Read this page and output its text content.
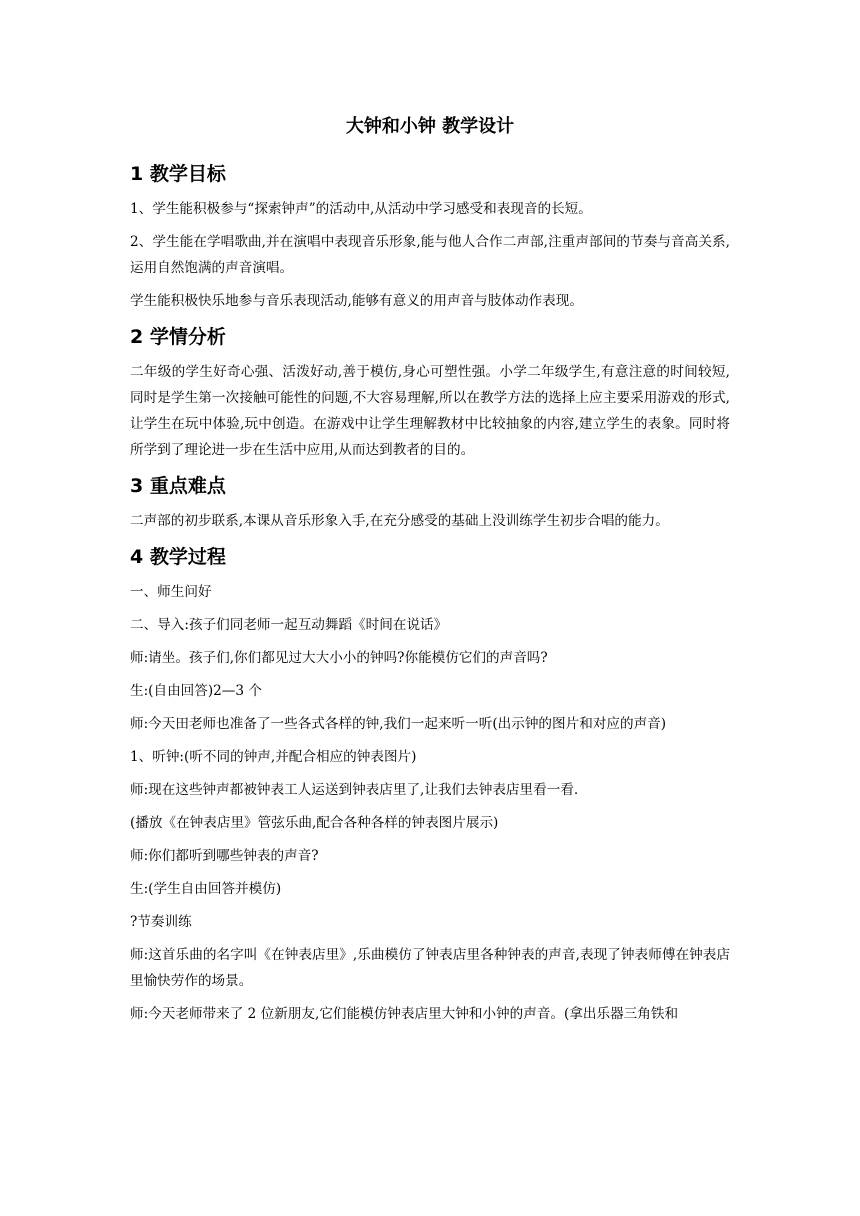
大钟和小钟 教学设计
1 教学目标

1、学生能积极参与“探索钟声”的活动中,从活动中学习感受和表现音的长短。

2、学生能在学唱歌曲,并在演唱中表现音乐形象,能与他人合作二声部,注重声部间的节奏与音高关系,运用自然饱满的声音演唱。

学生能积极快乐地参与音乐表现活动,能够有意义的用声音与肢体动作表现。

2 学情分析

二年级的学生好奇心强、活泼好动,善于模仿,身心可塑性强。小学二年级学生,有意注意的时间较短,同时是学生第一次接触可能性的问题,不大容易理解,所以在教学方法的选择上应主要采用游戏的形式,让学生在玩中体验,玩中创造。在游戏中让学生理解教材中比较抽象的内容,建立学生的表象。同时将所学到了理论进一步在生活中应用,从而达到教者的目的。

3 重点难点

二声部的初步联系,本课从音乐形象入手,在充分感受的基础上没训练学生初步合唱的能力。

4 教学过程

一、师生问好

二、导入:孩子们同老师一起互动舞蹈《时间在说话》

师:请坐。孩子们,你们都见过大大小小的钟吗?你能模仿它们的声音吗?

生:(自由回答)2—3 个

师:今天田老师也准备了一些各式各样的钟,我们一起来听一听(出示钟的图片和对应的声音)

1、听钟:(听不同的钟声,并配合相应的钟表图片)

师:现在这些钟声都被钟表工人运送到钟表店里了,让我们去钟表店里看一看.

(播放《在钟表店里》管弦乐曲,配合各种各样的钟表图片展示)

师:你们都听到哪些钟表的声音?

生:(学生自由回答并模仿)

?节奏训练

师:这首乐曲的名字叫《在钟表店里》,乐曲模仿了钟表店里各种钟表的声音,表现了钟表师傅在钟表店里愉快劳作的场景。

师:今天老师带来了 2 位新朋友,它们能模仿钟表店里大钟和小钟的声音。(拿出乐器三角铁和
